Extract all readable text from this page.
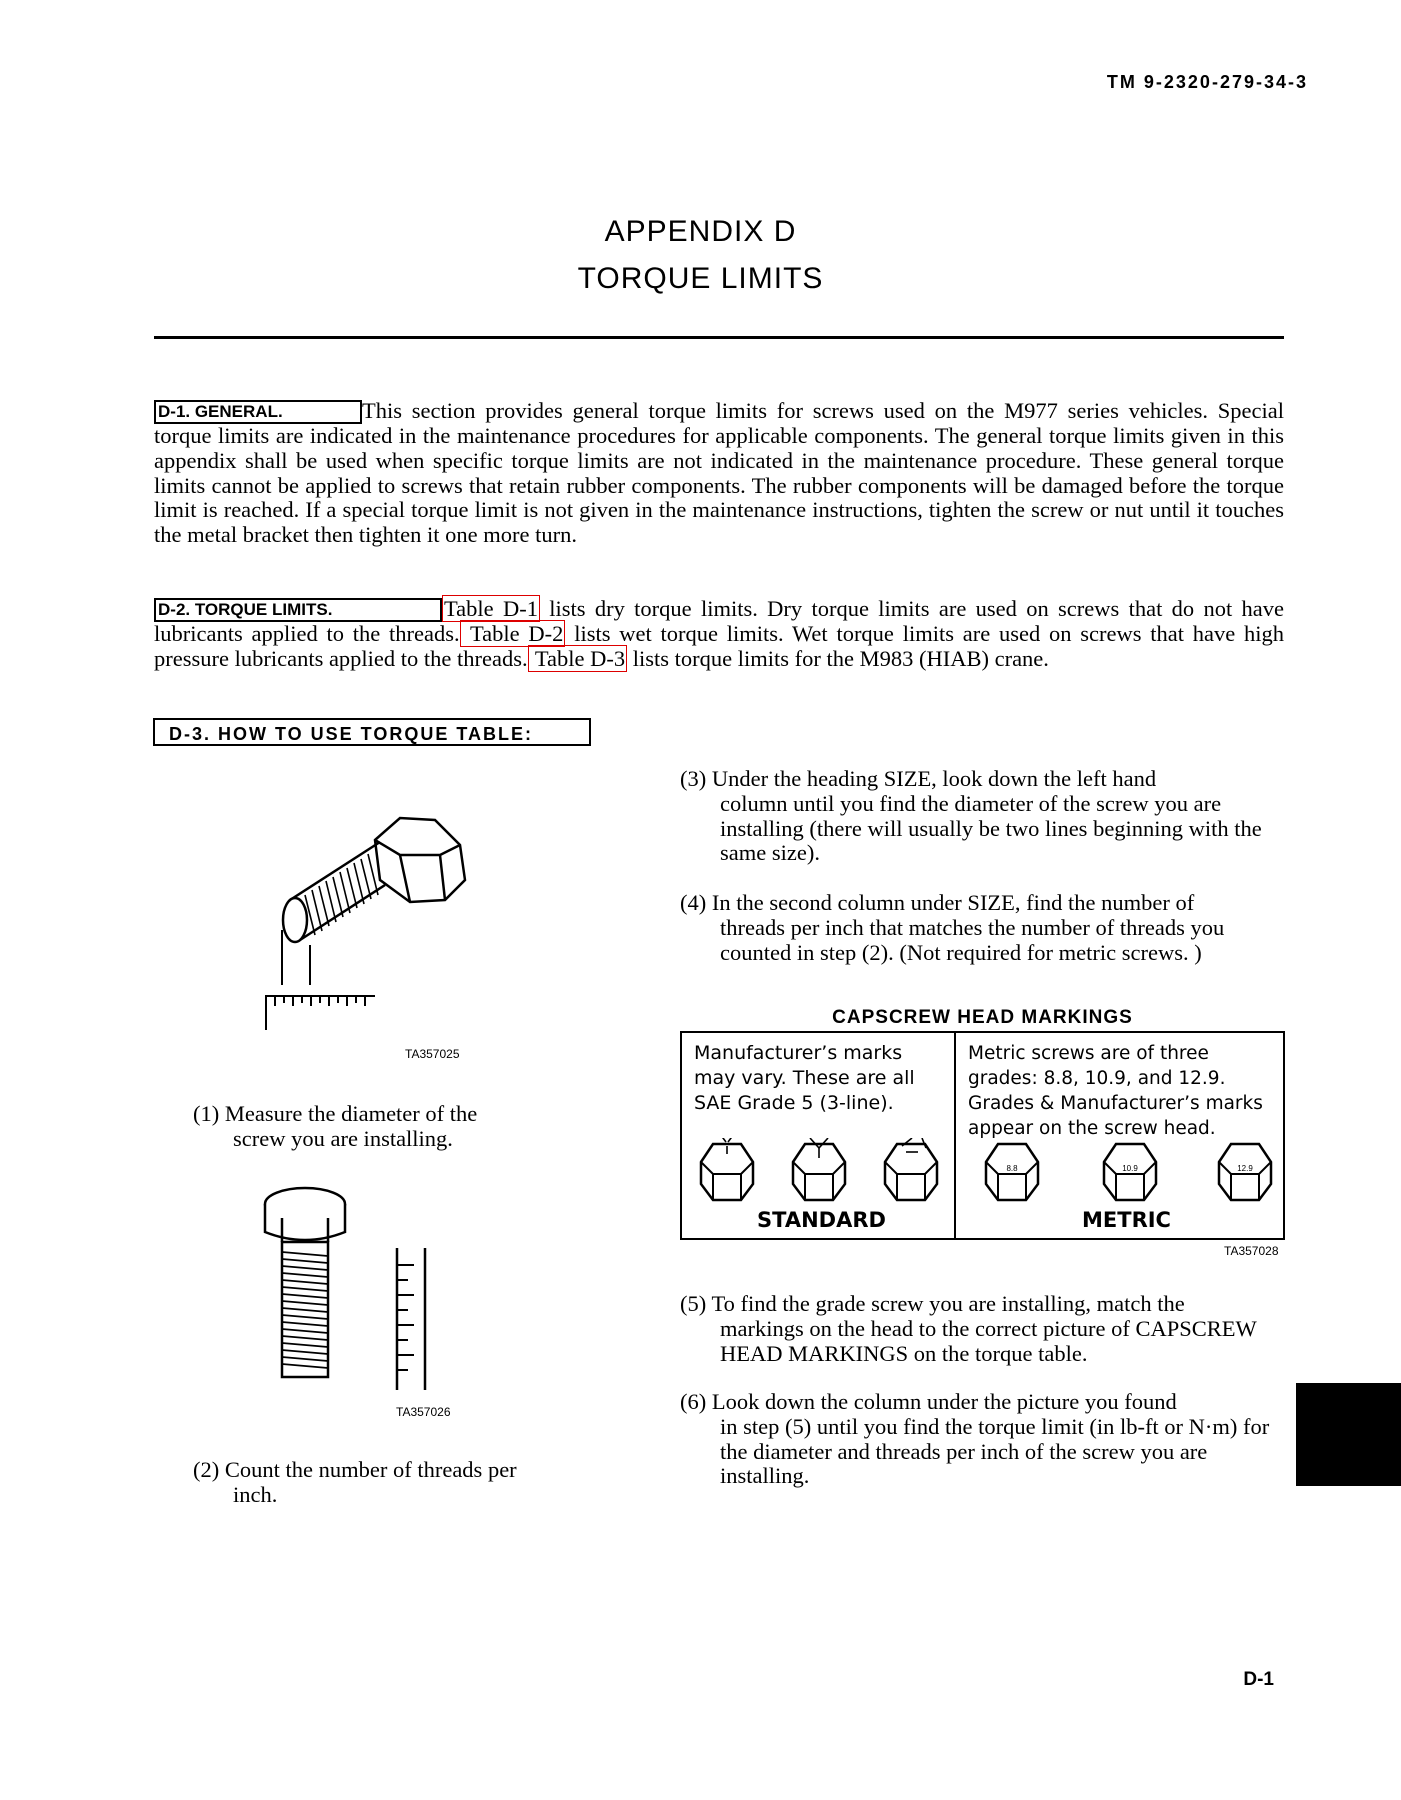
TM 9-2320-279-34-3
APPENDIX D
TORQUE LIMITS
D-1. GENERAL.	This section provides general torque limits for screws used on the M977 series vehicles. Special torque limits are indicated in the maintenance procedures for applicable components. The general torque limits given in this appendix shall be used when specific torque limits are not indicated in the maintenance procedure. These general torque limits cannot be applied to screws that retain rubber components. The rubber components will be damaged before the torque limit is reached. If a special torque limit is not given in the maintenance instructions, tighten the screw or nut until it touches the metal bracket then tighten it one more turn.
D-2. TORQUE LIMITS.	Table D-1 lists dry torque limits. Dry torque limits are used on screws that do not have lubricants applied to the threads. Table D-2 lists wet torque limits. Wet torque limits are used on screws that have high pressure lubricants applied to the threads. Table D-3 lists torque limits for the M983 (HIAB) crane.
D-3. HOW TO USE TORQUE TABLE:
TA357025
(1) Measure the diameter of the
screw you are installing.
TA357026
(2) Count the number of threads per
inch.
(3) Under the heading SIZE, look down the left hand
column until you find the diameter of the screw you are installing (there will usually be two lines beginning with the same size).
(4) In the second column under SIZE, find the number of
threads per inch that matches the number of threads you counted in step (2). (Not required for metric screws. )
CAPSCREW HEAD MARKINGS
Manufacturer’s marks
may vary. These are all
SAE Grade 5 (3-line).
Metric screws are of three
grades: 8.8, 10.9, and 12.9.
Grades & Manufacturer’s marks
appear on the screw head.
8.8	10.9	12.9
STANDARD	METRIC
TA357028
(5) To find the grade screw you are installing, match the
markings on the head to the correct picture of CAPSCREW HEAD MARKINGS on the torque table.
(6) Look down the column under the picture you found
in step (5) until you find the torque limit (in lb-ft or N·m) for the diameter and threads per inch of the screw you are installing.
D-1
